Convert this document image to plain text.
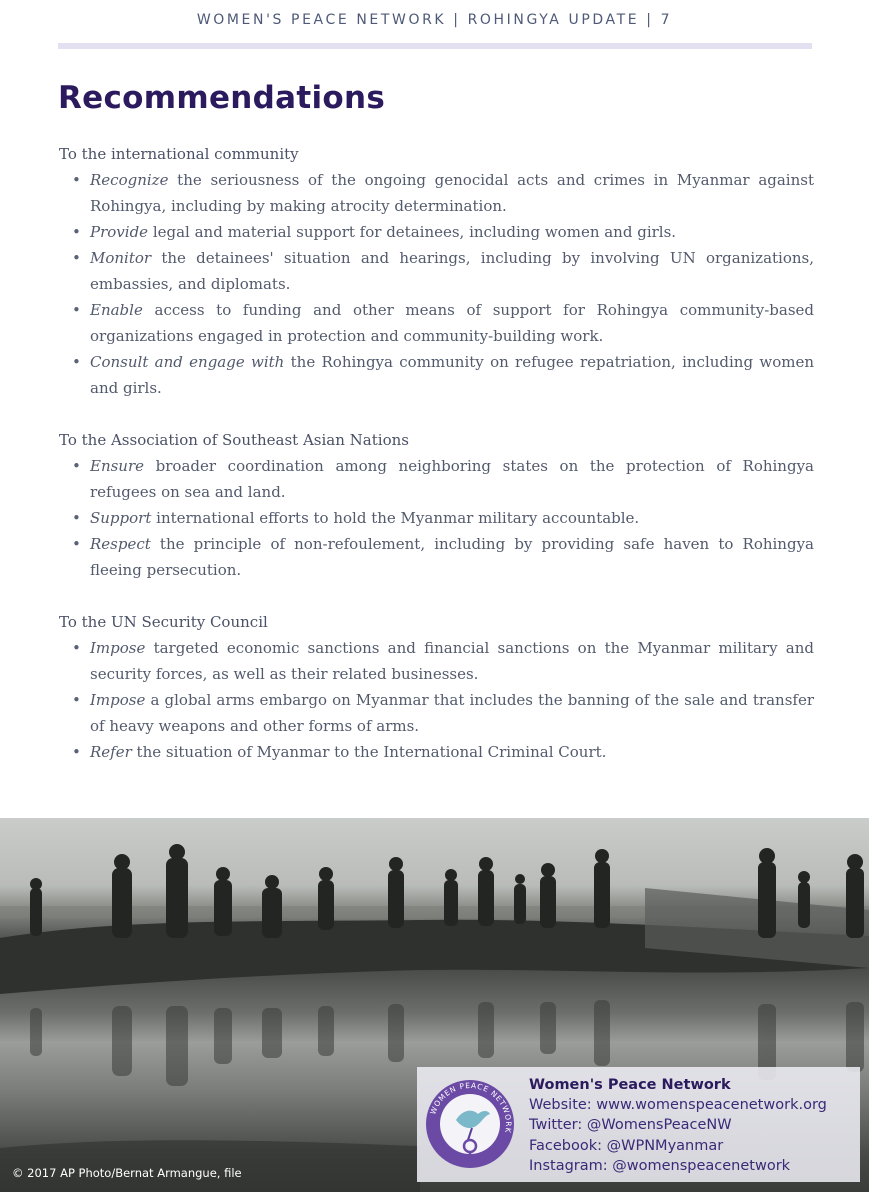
WOMEN'S PEACE NETWORK | ROHINGYA UPDATE | 7
Recommendations
To the international community
• Recognize the seriousness of the ongoing genocidal acts and crimes in Myanmar against Rohingya, including by making atrocity determination.
• Provide legal and material support for detainees, including women and girls.
• Monitor the detainees' situation and hearings, including by involving UN organizations, embassies, and diplomats.
• Enable access to funding and other means of support for Rohingya community-based organizations engaged in protection and community-building work.
• Consult and engage with the Rohingya community on refugee repatriation, including women and girls.
To the Association of Southeast Asian Nations
• Ensure broader coordination among neighboring states on the protection of Rohingya refugees on sea and land.
• Support international efforts to hold the Myanmar military accountable.
• Respect the principle of non-refoulement, including by providing safe haven to Rohingya fleeing persecution.
To the UN Security Council
• Impose targeted economic sanctions and financial sanctions on the Myanmar military and security forces, as well as their related businesses.
• Impose a global arms embargo on Myanmar that includes the banning of the sale and transfer of heavy weapons and other forms of arms.
• Refer the situation of Myanmar to the International Criminal Court.
© 2017 AP Photo/Bernat Armangue, file
WOMEN PEACE NETWORK
Women's Peace Network
Website: www.womenspeacenetwork.org
Twitter: @WomensPeaceNW
Facebook: @WPNMyanmar
Instagram: @womenspeacenetwork
